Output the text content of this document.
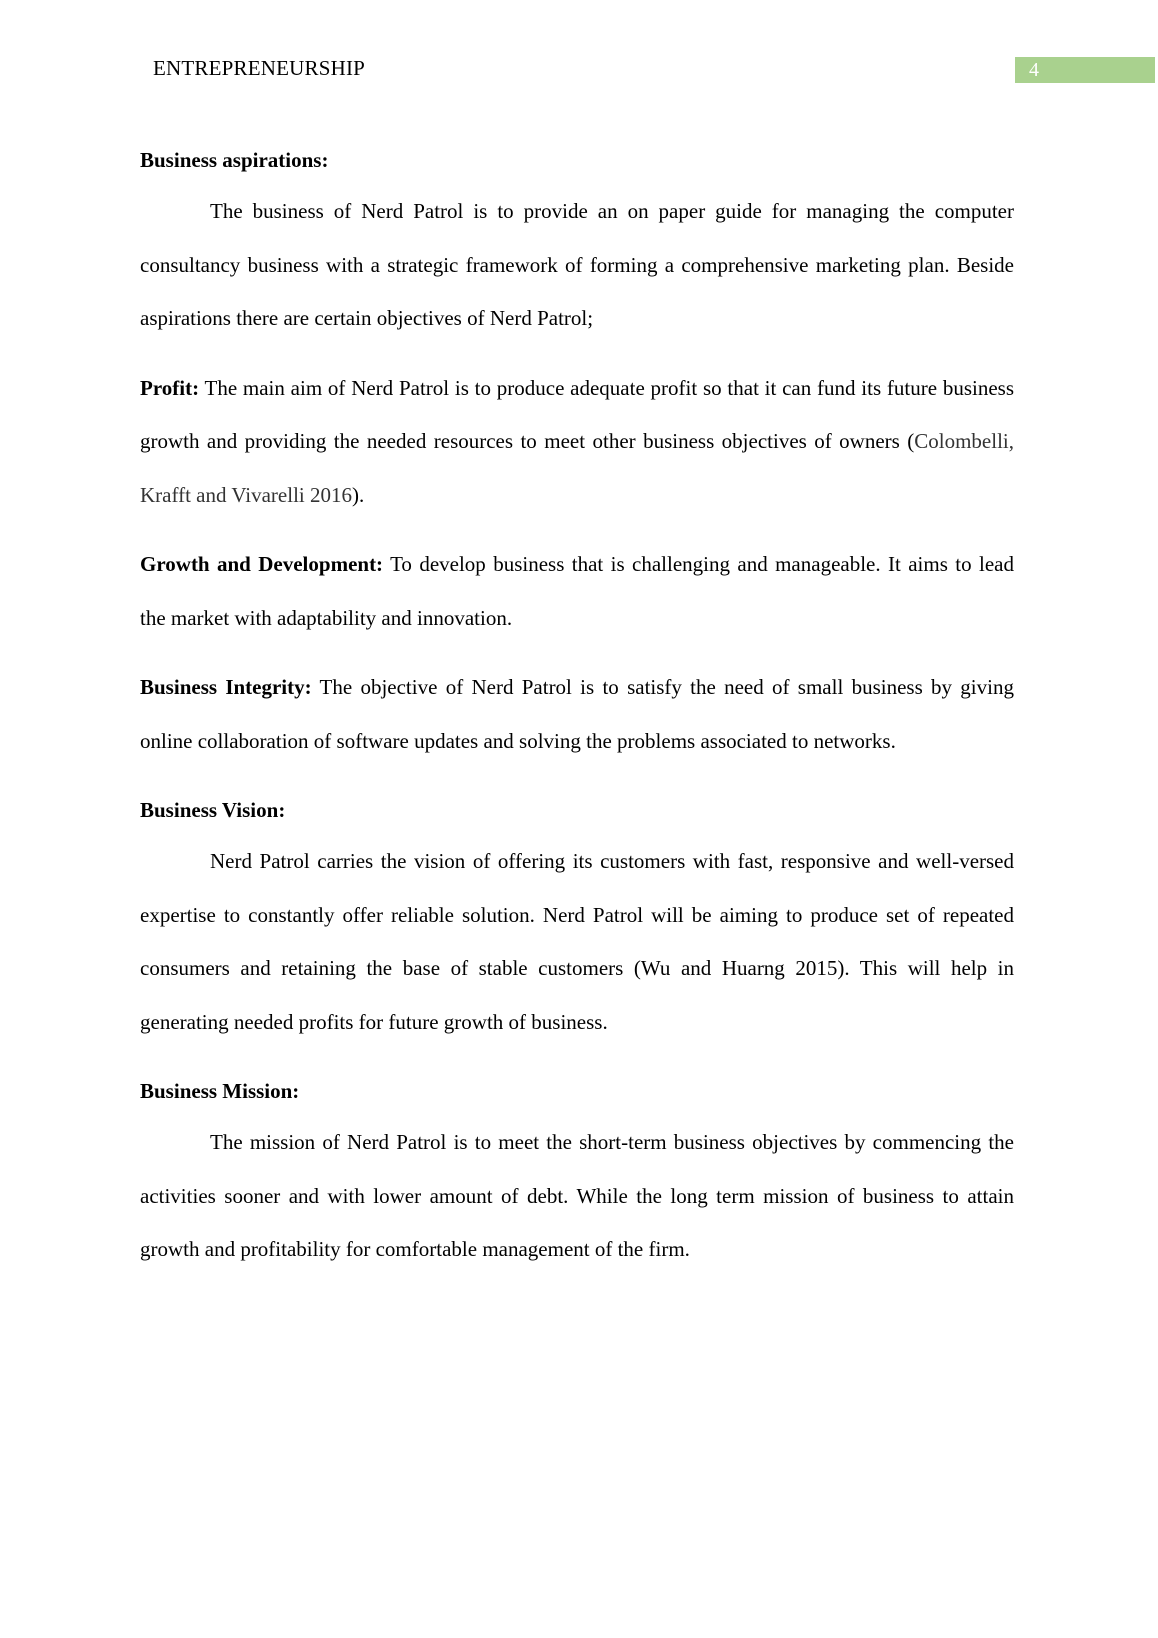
ENTREPRENEURSHIP	4
Business aspirations:

The business of Nerd Patrol is to provide an on paper guide for managing the computer consultancy business with a strategic framework of forming a comprehensive marketing plan. Beside aspirations there are certain objectives of Nerd Patrol;

Profit: The main aim of Nerd Patrol is to produce adequate profit so that it can fund its future business growth and providing the needed resources to meet other business objectives of owners (Colombelli, Krafft and Vivarelli 2016).

Growth and Development: To develop business that is challenging and manageable. It aims to lead the market with adaptability and innovation.

Business Integrity: The objective of Nerd Patrol is to satisfy the need of small business by giving online collaboration of software updates and solving the problems associated to networks.

Business Vision:

Nerd Patrol carries the vision of offering its customers with fast, responsive and well-versed expertise to constantly offer reliable solution. Nerd Patrol will be aiming to produce set of repeated consumers and retaining the base of stable customers (Wu and Huarng 2015). This will help in generating needed profits for future growth of business.

Business Mission:

The mission of Nerd Patrol is to meet the short-term business objectives by commencing the activities sooner and with lower amount of debt. While the long term mission of business to attain growth and profitability for comfortable management of the firm.
